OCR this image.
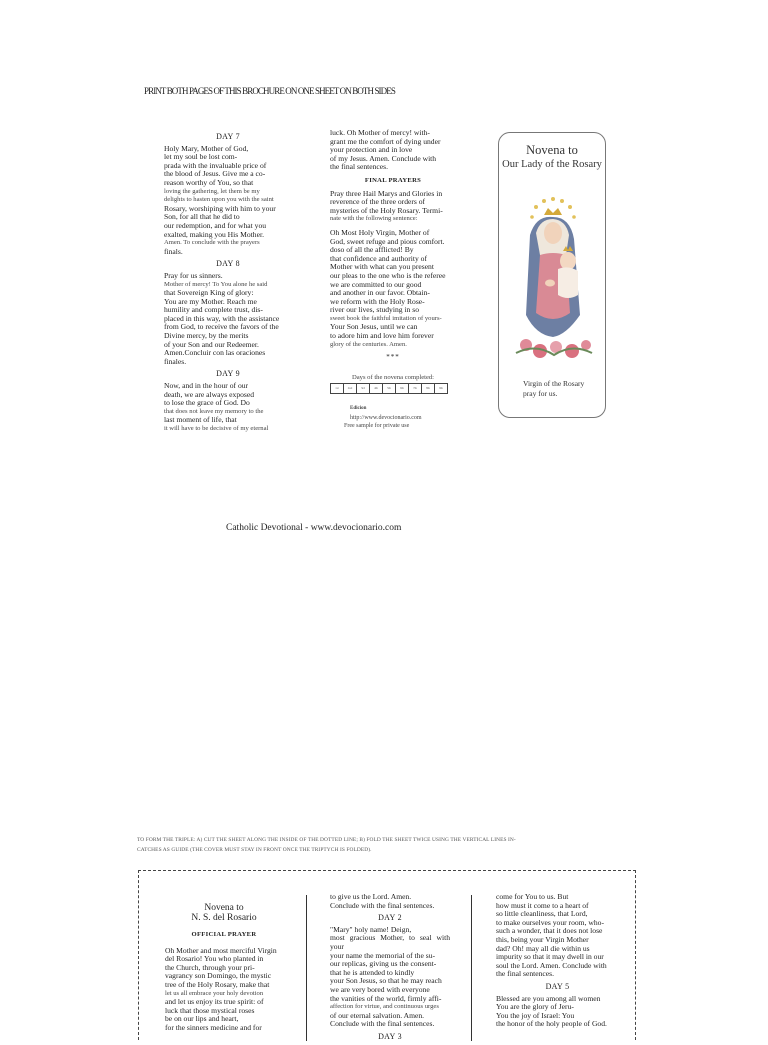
PRINT BOTH PAGES OF THIS BROCHURE ON ONE SHEET ON BOTH SIDES
DAY 7

Holy Mary, Mother of God,

let my soul be lost com-

prada with the invaluable price of

the blood of Jesus. Give me a co-

reason worthy of You, so that

loving the gathering, let them be my

delights to hasten upon you with the saint

Rosary, worshiping with him to your

Son, for all that he did to

our redemption, and for what you

exalted, making you His Mother.

Amen. To conclude with the prayers

finals.

DAY 8

Pray for us sinners.

Mother of mercy! To You alone he said

that Sovereign King of glory:

You are my Mother. Reach me

humility and complete trust, dis-

placed in this way, with the assistance

from God, to receive the favors of the

Divine mercy, by the merits

of your Son and our Redeemer.

Amen.Concluir con las oraciones

finales.

DAY 9

Now, and in the hour of our

death, we are always exposed

to lose the grace of God. Do

that does not leave my memory to the

last moment of life, that

it will have to be decisive of my eternal

luck. Oh Mother of mercy! with-

grant me the comfort of dying under

your protection and in love

of my Jesus. Amen. Conclude with

the final sentences.

FINAL PRAYERS

Pray three Hail Marys and Glories in

reverence of the three orders of

mysteries of the Holy Rosary. Termi-

nate with the following sentence:

Oh Most Holy Virgin, Mother of

God, sweet refuge and pious comfort.

doso of all the afflicted! By

that confidence and authority of

Mother with what can you present

our pleas to the one who is the referee

we are committed to our good

and another in our favor. Obtain-

we reform with the Holy Rose-

river our lives, studying in so

sweet book the faithful imitation of yours-

Your Son Jesus, until we can

to adore him and love him forever

glory of the centuries. Amen.

***
Days of the novena completed:
1st	2nd	3rd	4th	5th	6th	7th	8th	9th
Edicion
http://www.devocionario.com
Free sample for private use
Novena to
Our Lady of the Rosary
Virgin of the Rosary
pray for us.
Catholic Devotional - www.devocionario.com
TO FORM THE TRIPLE: A) CUT THE SHEET ALONG THE INSIDE OF THE DOTTED LINE; B) FOLD THE SHEET TWICE USING THE VERTICAL LINES IN-
CATCHES AS GUIDE (THE COVER MUST STAY IN FRONT ONCE THE TRIPTYCH IS FOLDED).
Novena to
N. S. del Rosario
OFFICIAL PRAYER

Oh Mother and most merciful Virgin

del Rosario! You who planted in

the Church, through your pri-

vagrancy son Domingo, the mystic

tree of the Holy Rosary, make that

let us all embrace your holy devotion

and let us enjoy its true spirit: of

luck that those mystical roses

be on our lips and heart,

for the sinners medicine and for

to give us the Lord. Amen.

Conclude with the final sentences.

DAY 2

"Mary" holy name! Deign,

most gracious Mother, to seal with your

your name the memorial of the su-

our replicas, giving us the consent-

that he is attended to kindly

your Son Jesus, so that he may reach

we are very bored with everyone

the vanities of the world, firmly affi-

affection for virtue, and continuous urges

of our eternal salvation. Amen.

Conclude with the final sentences.

DAY 3

come for You to us. But

how must it come to a heart of

so little cleanliness, that Lord,

to make ourselves your room, who-

such a wonder, that it does not lose

this, being your Virgin Mother

dad? Oh! may all die within us

impurity so that it may dwell in our

soul the Lord. Amen. Conclude with

the final sentences.

DAY 5

Blessed are you among all women

You are the glory of Jeru-

You the joy of Israel: You

the honor of the holy people of God.
